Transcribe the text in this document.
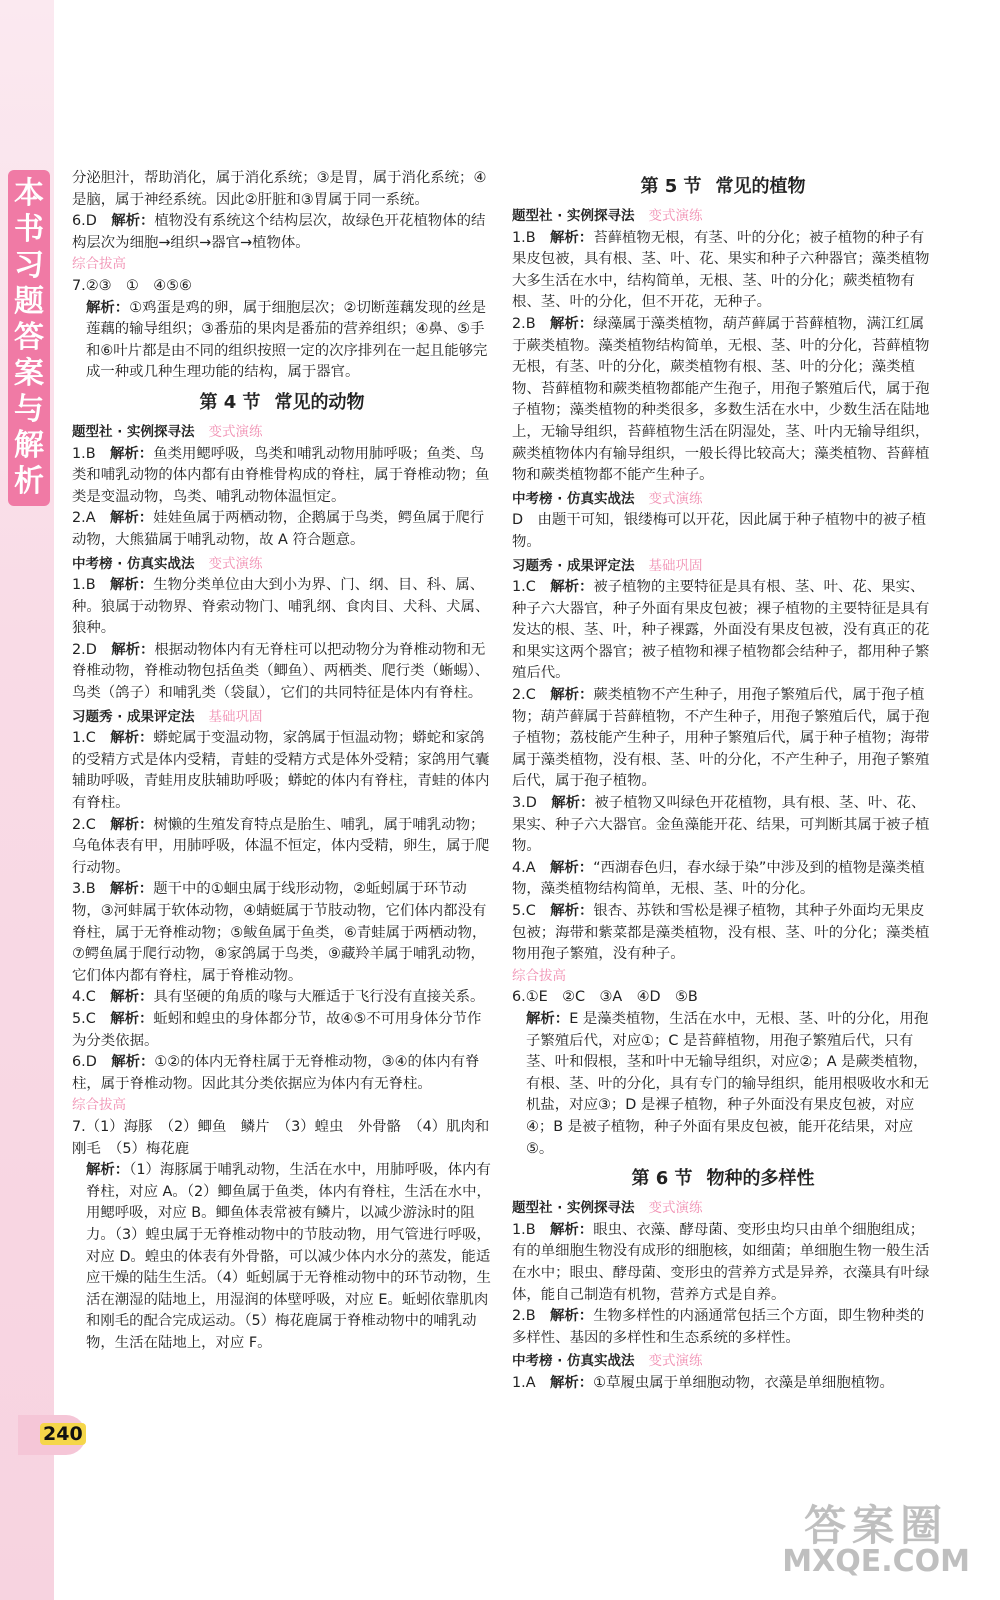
本
书
习
题
答
案
与
解
析
240
分泌胆汁，帮助消化，属于消化系统；③是胃，属于消化系统；④是脑，属于神经系统。因此②肝脏和③胃属于同一系统。
6.D　 解析：植物没有系统这个结构层次，故绿色开花植物体的结构层次为细胞→组织→器官→植物体。
综合拔高
7.②③　①　④⑤⑥
解析：①鸡蛋是鸡的卵，属于细胞层次；②切断莲藕发现的丝是莲藕的输导组织；③番茄的果肉是番茄的营养组织；④鼻、⑤手和⑥叶片都是由不同的组织按照一定的次序排列在一起且能够完成一种或几种生理功能的结构，属于器官。
第 4 节 常见的动物
题型社 · 实例探寻法 变式演练
1.B　 解析：鱼类用鳃呼吸，鸟类和哺乳动物用肺呼吸；鱼类、鸟类和哺乳动物的体内都有由脊椎骨构成的脊柱，属于脊椎动物；鱼类是变温动物，鸟类、哺乳动物体温恒定。
2.A　 解析：娃娃鱼属于两栖动物，企鹅属于鸟类，鳄鱼属于爬行动物，大熊猫属于哺乳动物，故 A 符合题意。
中考榜 · 仿真实战法 变式演练
1.B　 解析：生物分类单位由大到小为界、门、纲、目、科、属、种。狼属于动物界、脊索动物门、哺乳纲、食肉目、犬科、犬属、狼种。
2.D　 解析：根据动物体内有无脊柱可以把动物分为脊椎动物和无脊椎动物，脊椎动物包括鱼类（鲫鱼）、两栖类、爬行类（蜥蜴）、鸟类（鸽子）和哺乳类（袋鼠），它们的共同特征是体内有脊柱。
习题秀 · 成果评定法 基础巩固
1.C　 解析：蟒蛇属于变温动物，家鸽属于恒温动物；蟒蛇和家鸽的受精方式是体内受精，青蛙的受精方式是体外受精；家鸽用气囊辅助呼吸，青蛙用皮肤辅助呼吸；蟒蛇的体内有脊柱，青蛙的体内有脊柱。
2.C　 解析：树懒的生殖发育特点是胎生、哺乳，属于哺乳动物；乌龟体表有甲，用肺呼吸，体温不恒定，体内受精，卵生，属于爬行动物。
3.B　 解析：题干中的①蛔虫属于线形动物，②蚯蚓属于环节动物，③河蚌属于软体动物，④蜻蜓属于节肢动物，它们体内都没有脊柱，属于无脊椎动物；⑤鲅鱼属于鱼类，⑥青蛙属于两栖动物，⑦鳄鱼属于爬行动物，⑧家鸽属于鸟类，⑨藏羚羊属于哺乳动物，它们体内都有脊柱，属于脊椎动物。
4.C　 解析：具有坚硬的角质的喙与大雁适于飞行没有直接关系。
5.C　 解析：蚯蚓和蝗虫的身体都分节，故④⑤不可用身体分节作为分类依据。
6.D　 解析：①②的体内无脊柱属于无脊椎动物，③④的体内有脊柱，属于脊椎动物。因此其分类依据应为体内有无脊柱。
综合拔高
7.（1）海豚　（2）鲫鱼　鳞片　（3）蝗虫　外骨骼　（4）肌肉和刚毛　（5）梅花鹿
解析：（1）海豚属于哺乳动物，生活在水中，用肺呼吸，体内有脊柱，对应 A。（2）鲫鱼属于鱼类，体内有脊柱，生活在水中，用鳃呼吸，对应 B。鲫鱼体表常被有鳞片，以减少游泳时的阻力。（3）蝗虫属于无脊椎动物中的节肢动物，用气管进行呼吸，对应 D。蝗虫的体表有外骨骼，可以减少体内水分的蒸发，能适应干燥的陆生生活。（4）蚯蚓属于无脊椎动物中的环节动物，生活在潮湿的陆地上，用湿润的体壁呼吸，对应 E。蚯蚓依靠肌肉和刚毛的配合完成运动。（5）梅花鹿属于脊椎动物中的哺乳动物，生活在陆地上，对应 F。
第 5 节 常见的植物
题型社 · 实例探寻法 变式演练
1.B　 解析：苔藓植物无根，有茎、叶的分化；被子植物的种子有果皮包被，具有根、茎、叶、花、果实和种子六种器官；藻类植物大多生活在水中，结构简单，无根、茎、叶的分化；蕨类植物有根、茎、叶的分化，但不开花，无种子。
2.B　 解析：绿藻属于藻类植物，葫芦藓属于苔藓植物，满江红属于蕨类植物。藻类植物结构简单，无根、茎、叶的分化，苔藓植物无根，有茎、叶的分化，蕨类植物有根、茎、叶的分化；藻类植物、苔藓植物和蕨类植物都能产生孢子，用孢子繁殖后代，属于孢子植物；藻类植物的种类很多，多数生活在水中，少数生活在陆地上，无输导组织，苔藓植物生活在阴湿处，茎、叶内无输导组织，蕨类植物体内有输导组织，一般长得比较高大；藻类植物、苔藓植物和蕨类植物都不能产生种子。
中考榜 · 仿真实战法 变式演练
D　由题干可知，银缕梅可以开花，因此属于种子植物中的被子植物。
习题秀 · 成果评定法 基础巩固
1.C　 解析：被子植物的主要特征是具有根、茎、叶、花、果实、种子六大器官，种子外面有果皮包被；裸子植物的主要特征是具有发达的根、茎、叶，种子裸露，外面没有果皮包被，没有真正的花和果实这两个器官；被子植物和裸子植物都会结种子，都用种子繁殖后代。
2.C　 解析：蕨类植物不产生种子，用孢子繁殖后代，属于孢子植物；葫芦藓属于苔藓植物，不产生种子，用孢子繁殖后代，属于孢子植物；荔枝能产生种子，用种子繁殖后代，属于种子植物；海带属于藻类植物，没有根、茎、叶的分化，不产生种子，用孢子繁殖后代，属于孢子植物。
3.D　 解析：被子植物又叫绿色开花植物，具有根、茎、叶、花、果实、种子六大器官。金鱼藻能开花、结果，可判断其属于被子植物。
4.A　 解析：“西湖春色归，春水绿于染”中涉及到的植物是藻类植物，藻类植物结构简单，无根、茎、叶的分化。
5.C　 解析：银杏、苏铁和雪松是裸子植物，其种子外面均无果皮包被；海带和紫菜都是藻类植物，没有根、茎、叶的分化；藻类植物用孢子繁殖，没有种子。
综合拔高
6.①E　②C　③A　④D　⑤B
解析：E 是藻类植物，生活在水中，无根、茎、叶的分化，用孢子繁殖后代，对应①；C 是苔藓植物，用孢子繁殖后代，只有茎、叶和假根，茎和叶中无输导组织，对应②；A 是蕨类植物，有根、茎、叶的分化，具有专门的输导组织，能用根吸收水和无机盐，对应③；D 是裸子植物，种子外面没有果皮包被，对应④；B 是被子植物，种子外面有果皮包被，能开花结果，对应⑤。
第 6 节 物种的多样性
题型社 · 实例探寻法 变式演练
1.B　 解析：眼虫、衣藻、酵母菌、变形虫均只由单个细胞组成；有的单细胞生物没有成形的细胞核，如细菌；单细胞生物一般生活在水中；眼虫、酵母菌、变形虫的营养方式是异养，衣藻具有叶绿体，能自己制造有机物，营养方式是自养。
2.B　 解析：生物多样性的内涵通常包括三个方面，即生物种类的多样性、基因的多样性和生态系统的多样性。
中考榜 · 仿真实战法 变式演练
1.A　 解析：①草履虫属于单细胞动物，衣藻是单细胞植物。
答案圈
MXQE.COM
